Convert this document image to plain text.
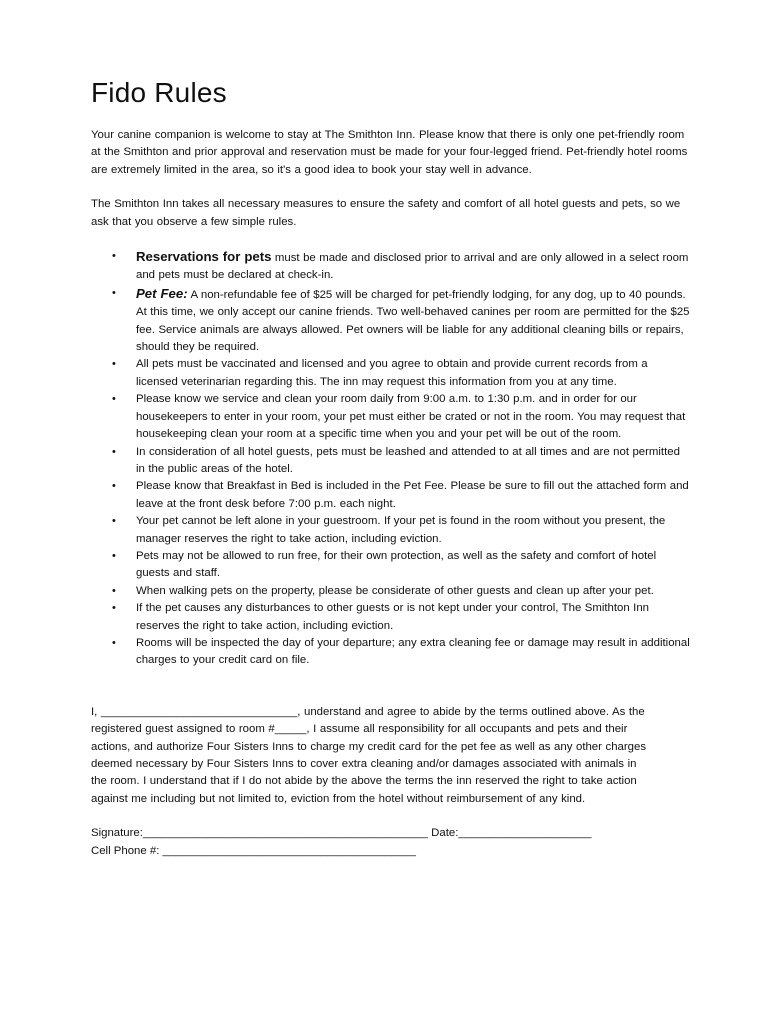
Fido Rules

Your canine companion is welcome to stay at The Smithton Inn. Please know that there is only one pet-friendly room at the Smithton and prior approval and reservation must be made for your four-legged friend. Pet-friendly hotel rooms are extremely limited in the area, so it's a good idea to book your stay well in advance.

The Smithton Inn takes all necessary measures to ensure the safety and comfort of all hotel guests and pets, so we ask that you observe a few simple rules.

• Reservations for pets must be made and disclosed prior to arrival and are only allowed in a select room and pets must be declared at check-in.
• Pet Fee: A non-refundable fee of $25 will be charged for pet-friendly lodging, for any dog, up to 40 pounds. At this time, we only accept our canine friends. Two well-behaved canines per room are permitted for the $25 fee. Service animals are always allowed. Pet owners will be liable for any additional cleaning bills or repairs, should they be required.
• All pets must be vaccinated and licensed and you agree to obtain and provide current records from a licensed veterinarian regarding this. The inn may request this information from you at any time.
• Please know we service and clean your room daily from 9:00 a.m. to 1:30 p.m. and in order for our housekeepers to enter in your room, your pet must either be crated or not in the room. You may request that housekeeping clean your room at a specific time when you and your pet will be out of the room.
• In consideration of all hotel guests, pets must be leashed and attended to at all times and are not permitted in the public areas of the hotel.
• Please know that Breakfast in Bed is included in the Pet Fee. Please be sure to fill out the attached form and leave at the front desk before 7:00 p.m. each night.
• Your pet cannot be left alone in your guestroom. If your pet is found in the room without you present, the manager reserves the right to take action, including eviction.
• Pets may not be allowed to run free, for their own protection, as well as the safety and comfort of hotel guests and staff.
• When walking pets on the property, please be considerate of other guests and clean up after your pet.
• If the pet causes any disturbances to other guests or is not kept under your control, The Smithton Inn reserves the right to take action, including eviction.
• Rooms will be inspected the day of your departure; any extra cleaning fee or damage may result in additional charges to your credit card on file.

I, _______________________________, understand and agree to abide by the terms outlined above. As the registered guest assigned to room #_____, I assume all responsibility for all occupants and pets and their actions, and authorize Four Sisters Inns to charge my credit card for the pet fee as well as any other charges deemed necessary by Four Sisters Inns to cover extra cleaning and/or damages associated with animals in the room. I understand that if I do not abide by the above the terms the inn reserved the right to take action against me including but not limited to, eviction from the hotel without reimbursement of any kind.

Signature:_____________________________________________ Date:_____________________

Cell Phone #: ________________________________________
